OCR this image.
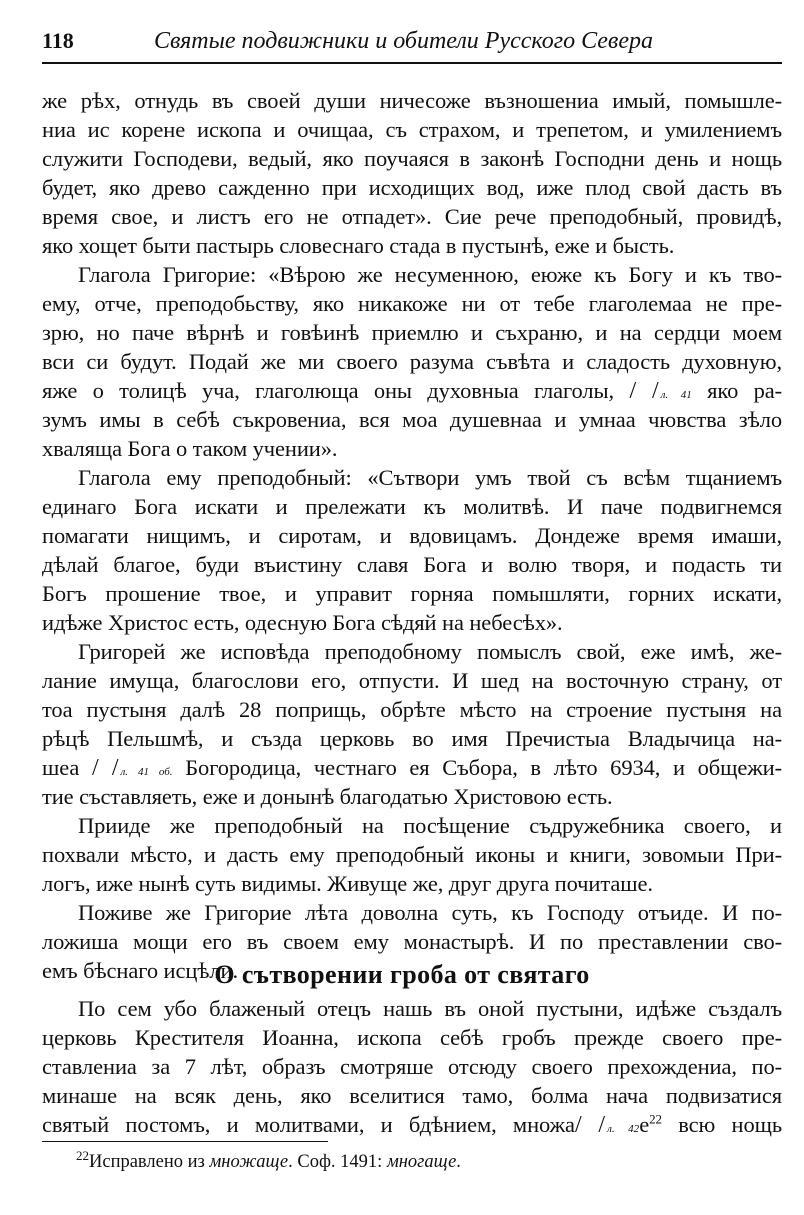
118	Святые подвижники и обители Русского Севера
же рѣх, отнудь въ своей души ничесоже възношениа имый, помышле-
ниа ис корене ископа и очищаа, съ страхом, и трепетом, и умилениемъ
служити Господеви, ведый, яко поучаяся в законѣ Господни день и нощь
будет, яко древо сажденно при исходищих вод, иже плод свой дасть въ
время свое, и листъ его не отпадет». Сие рече преподобный, провидѣ,
яко хощет быти пастырь словеснаго стада в пустынѣ, еже и бысть.
Глагола Григорие: «Вѣрою же несуменною, еюже къ Богу и къ тво-
ему, отче, преподобьству, яко никакоже ни от тебе глаголемаа не пре-
зрю, но паче вѣрнѣ и говѣинѣ приемлю и съхраню, и на сердци моем
вси си будут. Подай же ми своего разума съвѣта и сладость духовную,
яже о толицѣ уча, глаголюща оны духовныа глаголы, / / л. 41 яко ра-
зумъ имы в себѣ съкровениа, вся моа душевнаа и умнаа чювства зѣло
хваляща Бога о таком учении».
Глагола ему преподобный: «Сътвори умъ твой съ всѣм тщаниемъ
единаго Бога искати и прележати къ молитвѣ. И паче подвигнемся
помагати нищимъ, и сиротам, и вдовицамъ. Дондеже время имаши,
дѣлай благое, буди въистину славя Бога и волю творя, и подасть ти
Богъ прошение твое, и управит горняа помышляти, горних искати,
идѣже Христос есть, одесную Бога сѣдяй на небесѣх».
Григорей же исповѣда преподобному помыслъ свой, еже имѣ, же-
лание имуща, благослови его, отпусти. И шед на восточную страну, от
тоа пустыня далѣ 28 поприщь, обрѣте мѣсто на строение пустыня на
рѣцѣ Пельшмѣ, и създа церковь во имя Пречистыа Владычица на-
шеа / / л. 41 об. Богородица, честнаго ея Събора, в лѣто 6934, и общежи-
тие съставляеть, еже и донынѣ благодатью Христовою есть.
Прииде же преподобный на посѣщение съдружебника своего, и
похвали мѣсто, и дасть ему преподобный иконы и книги, зовомыи При-
логъ, иже нынѣ суть видимы. Живуще же, друг друга почиташе.
Поживе же Григорие лѣта доволна суть, къ Господу отъиде. И по-
ложиша мощи его въ своем ему монастырѣ. И по преставлении сво-
емъ бѣснаго исцѣли.
О сътворении гроба от святаго
По сем убо блаженый отецъ нашь въ оной пустыни, идѣже създалъ
церковь Крестителя Иоанна, ископа себѣ гробъ прежде своего пре-
ставлениа за 7 лѣт, образъ смотряше отсюду своего прехождениа, по-
минаше на всяк день, яко вселитися тамо, болма нача подвизатися
святый постомъ, и молитвами, и бдѣнием, множа/ / л. $42е^{22}$ всю нощь
$^{22}$Исправлено из множаще. Соф. 1491: многаще.
